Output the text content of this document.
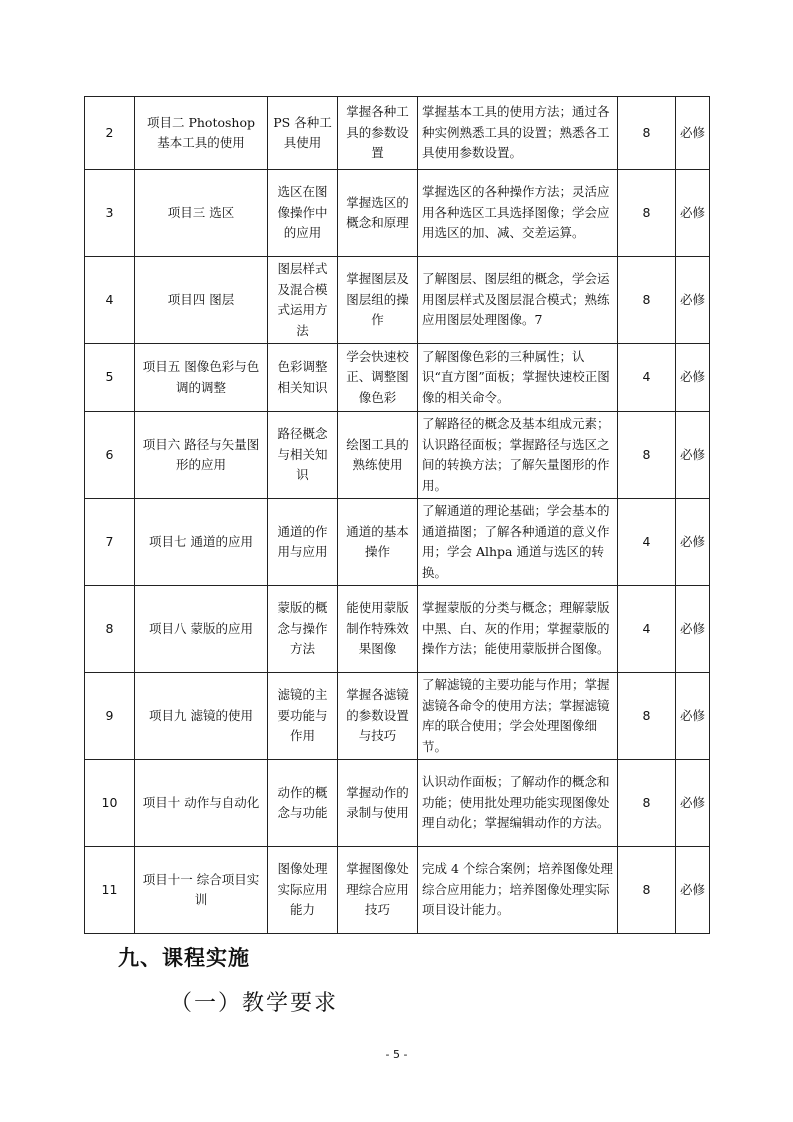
2	项目二 Photoshop 基本工具的使用	PS 各种工具使用	掌握各种工具的参数设置	掌握基本工具的使用方法；通过各种实例熟悉工具的设置；熟悉各工具使用参数设置。	8	必修
3	项目三 选区	选区在图像操作中的应用	掌握选区的概念和原理	掌握选区的各种操作方法；灵活应用各种选区工具选择图像；学会应用选区的加、减、交差运算。	8	必修
4	项目四 图层	图层样式及混合模式运用方法	掌握图层及图层组的操作	了解图层、图层组的概念，学会运用图层样式及图层混合模式；熟练应用图层处理图像。7	8	必修
5	项目五 图像色彩与色调的调整	色彩调整相关知识	学会快速校正、调整图像色彩	了解图像色彩的三种属性；认识“直方图”面板；掌握快速校正图像的相关命令。	4	必修
6	项目六 路径与矢量图形的应用	路径概念与相关知识	绘图工具的熟练使用	了解路径的概念及基本组成元素；认识路径面板；掌握路径与选区之间的转换方法；了解矢量图形的作用。	8	必修
7	项目七 通道的应用	通道的作用与应用	通道的基本操作	了解通道的理论基础；学会基本的通道描图；了解各种通道的意义作用；学会 Alhpa 通道与选区的转换。	4	必修
8	项目八 蒙版的应用	蒙版的概念与操作方法	能使用蒙版制作特殊效果图像	掌握蒙版的分类与概念；理解蒙版中黑、白、灰的作用；掌握蒙版的操作方法；能使用蒙版拼合图像。	4	必修
9	项目九 滤镜的使用	滤镜的主要功能与作用	掌握各滤镜的参数设置与技巧	了解滤镜的主要功能与作用；掌握滤镜各命令的使用方法；掌握滤镜库的联合使用；学会处理图像细节。	8	必修
10	项目十 动作与自动化	动作的概念与功能	掌握动作的录制与使用	认识动作面板；了解动作的概念和功能；使用批处理功能实现图像处理自动化；掌握编辑动作的方法。	8	必修
11	项目十一 综合项目实训	图像处理实际应用能力	掌握图像处理综合应用技巧	完成 4 个综合案例；培养图像处理综合应用能力；培养图像处理实际项目设计能力。	8	必修
九、课程实施
（一）教学要求
- 5 -
